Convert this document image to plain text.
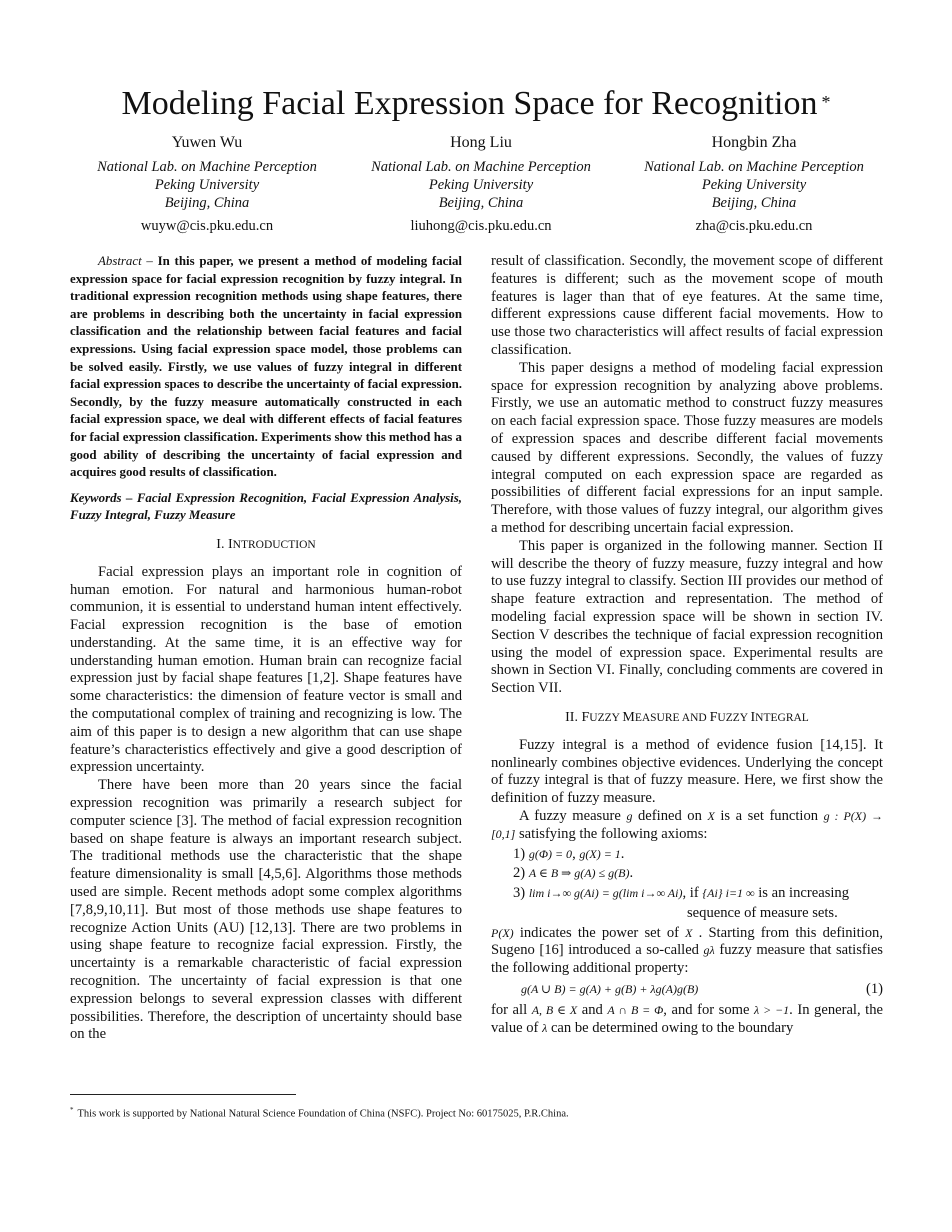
Modeling Facial Expression Space for Recognition *
Yuwen Wu
National Lab. on Machine Perception
Peking University
Beijing, China
wuyw@cis.pku.edu.cn
Hong Liu
National Lab. on Machine Perception
Peking University
Beijing, China
liuhong@cis.pku.edu.cn
Hongbin Zha
National Lab. on Machine Perception
Peking University
Beijing, China
zha@cis.pku.edu.cn

Abstract – In this paper, we present a method of modeling facial expression space for facial expression recognition by fuzzy integral. In traditional expression recognition methods using shape features, there are problems in describing both the uncertainty in facial expression classification and the relationship between facial features and facial expressions. Using facial expression space model, those problems can be solved easily. Firstly, we use values of fuzzy integral in different facial expression spaces to describe the uncertainty of facial expression. Secondly, by the fuzzy measure automatically constructed in each facial expression space, we deal with different effects of facial features for facial expression classification. Experiments show this method has a good ability of describing the uncertainty of facial expression and acquires good results of classification.

Keywords – Facial Expression Recognition, Facial Expression Analysis, Fuzzy Integral, Fuzzy Measure

I. INTRODUCTION

Facial expression plays an important role in cognition of human emotion. For natural and harmonious human-robot communion, it is essential to understand human intent effectively. Facial expression recognition is the base of emotion understanding. At the same time, it is an effective way for understanding human emotion. Human brain can recognize facial expression just by facial shape features [1,2]. Shape features have some characteristics: the dimension of feature vector is small and the computational complex of training and recognizing is low. The aim of this paper is to design a new algorithm that can use shape feature’s characteristics effectively and give a good description of expression uncertainty.

There have been more than 20 years since the facial expression recognition was primarily a research subject for computer science [3]. The method of facial expression recognition based on shape feature is always an important research subject. The traditional methods use the characteristic that the shape feature dimensionality is small [4,5,6]. Algorithms those methods used are simple. Recent methods adopt some complex algorithms [7,8,9,10,11]. But most of those methods use shape features to recognize Action Units (AU) [12,13]. There are two problems in using shape feature to recognize facial expression. Firstly, the uncertainty is a remarkable characteristic of facial expression recognition. The uncertainty of facial expression is that one expression belongs to several expression classes with different possibilities. Therefore, the description of uncertainty should base on the

result of classification. Secondly, the movement scope of different features is different; such as the movement scope of mouth features is lager than that of eye features. At the same time, different expressions cause different facial movements. How to use those two characteristics will affect results of facial expression classification.

This paper designs a method of modeling facial expression space for expression recognition by analyzing above problems. Firstly, we use an automatic method to construct fuzzy measures on each facial expression space. Those fuzzy measures are models of expression spaces and describe different facial movements caused by different expressions. Secondly, the values of fuzzy integral computed on each expression space are regarded as possibilities of different facial expressions for an input sample. Therefore, with those values of fuzzy integral, our algorithm gives a method for describing uncertain facial expression.

This paper is organized in the following manner. Section II will describe the theory of fuzzy measure, fuzzy integral and how to use fuzzy integral to classify. Section III provides our method of shape feature extraction and representation. The method of modeling facial expression space will be shown in section IV. Section V describes the technique of facial expression recognition using the model of expression space. Experimental results are shown in Section VI. Finally, concluding comments are covered in Section VII.

II. FUZZY MEASURE AND FUZZY INTEGRAL

Fuzzy integral is a method of evidence fusion [14,15]. It nonlinearly combines objective evidences. Underlying the concept of fuzzy integral is that of fuzzy measure. Here, we first show the definition of fuzzy measure.

A fuzzy measure g defined on X is a set function g : P(X) → [0,1] satisfying the following axioms:

1) g(Φ) = 0, g(X) = 1.

2) A ∈ B ⇒ g(A) ≤ g(B).

3) lim i→∞ g(Ai) = g(lim i→∞ Ai), if {Ai} i=1 ∞ is an increasing

sequence of measure sets.

P(X) indicates the power set of X . Starting from this definition, Sugeno [16] introduced a so-called gλ fuzzy measure that satisfies the following additional property:

g(A ∪ B) = g(A) + g(B) + λg(A)g(B)	(1)

for all A, B ∈ X and A ∩ B = Φ, and for some λ > −1. In general, the value of λ can be determined owing to the boundary

* This work is supported by National Natural Science Foundation of China (NSFC). Project No: 60175025, P.R.China.
